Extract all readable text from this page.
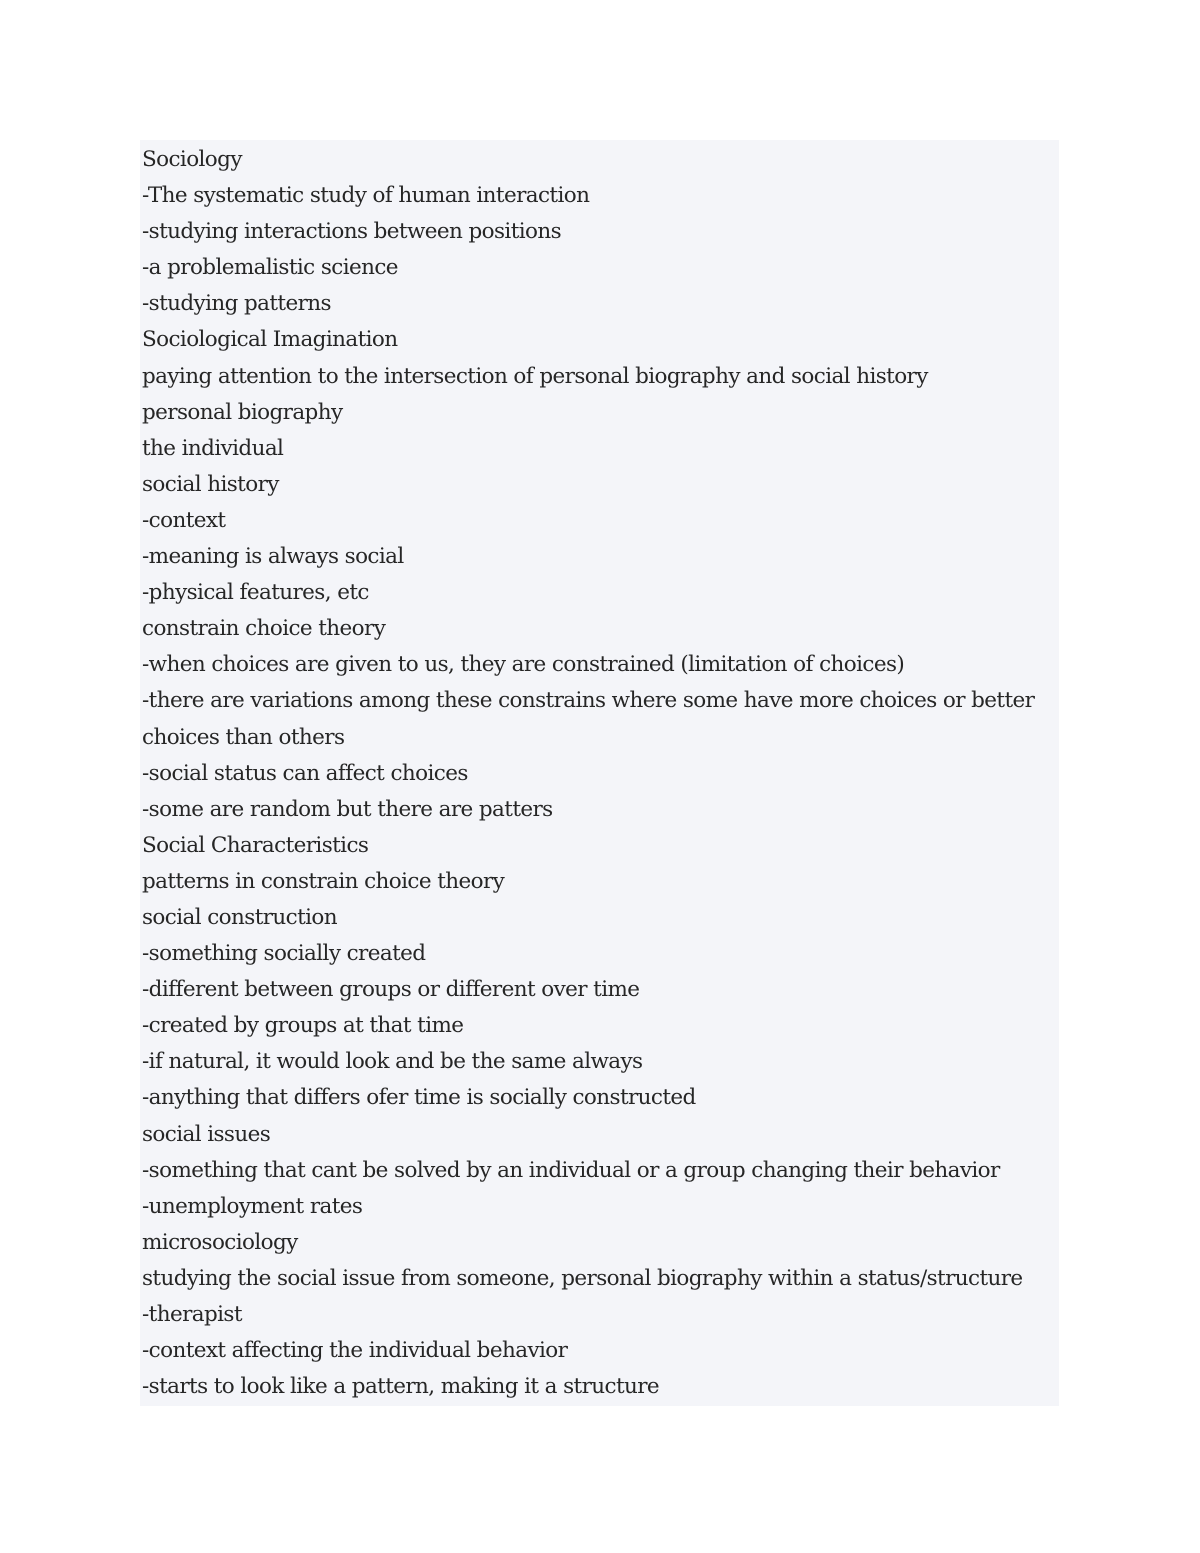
Sociology

-The systematic study of human interaction

-studying interactions between positions

-a problemalistic science

-studying patterns

Sociological Imagination

paying attention to the intersection of personal biography and social history

personal biography

the individual

social history

-context

-meaning is always social

-physical features, etc

constrain choice theory

-when choices are given to us, they are constrained (limitation of choices)

-there are variations among these constrains where some have more choices or better

choices than others

-social status can affect choices

-some are random but there are patters

Social Characteristics

patterns in constrain choice theory

social construction

-something socially created

-different between groups or different over time

-created by groups at that time

-if natural, it would look and be the same always

-anything that differs ofer time is socially constructed

social issues

-something that cant be solved by an individual or a group changing their behavior

-unemployment rates

microsociology

studying the social issue from someone, personal biography within a status/structure

-therapist

-context affecting the individual behavior

-starts to look like a pattern, making it a structure
